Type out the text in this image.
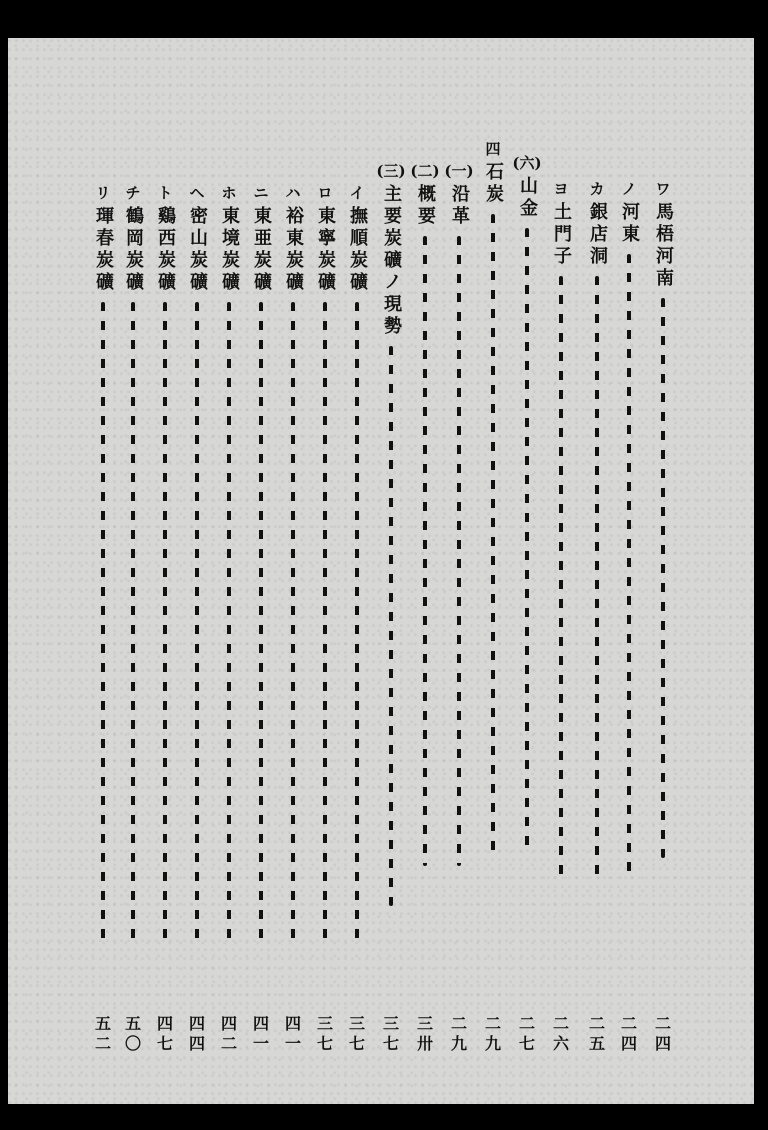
ワ
馬梧河南
二
四
ノ
河東
二
四
カ
銀店洞
二
五
ヨ
土門子
二
六
(六)
山金
二
七
四
石炭
二
九
(一)
沿革
二
九
(二)
概要
三
卅
(三)
主要炭礦ノ現勢
三
七
イ
撫順炭礦
三
七
ロ
東寧炭礦
三
七
ハ
裕東炭礦
四
一
ニ
東亜炭礦
四
一
ホ
東境炭礦
四
二
ヘ
密山炭礦
四
四
ト
鷄西炭礦
四
七
チ
鶴岡炭礦
五
〇
リ
琿春炭礦
五
二
